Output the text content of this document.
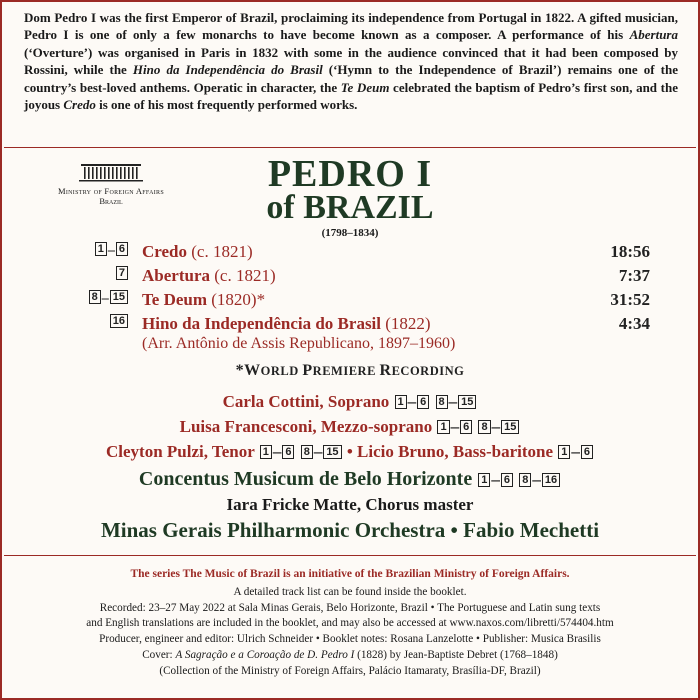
Dom Pedro I was the first Emperor of Brazil, proclaiming its independence from Portugal in 1822. A gifted musician, Pedro I is one of only a few monarchs to have become known as a composer. A performance of his Abertura (‘Overture’) was organised in Paris in 1832 with some in the audience convinced that it had been composed by Rossini, while the Hino da Independência do Brasil (‘Hymn to the Independence of Brazil’) remains one of the country’s best-loved anthems. Operatic in character, the Te Deum celebrated the baptism of Pedro’s first son, and the joyous Credo is one of his most frequently performed works.
Ministry of Foreign Affairs
Brazil
PEDRO I
of BRAZIL
(1798–1834)
1 – 6 Credo (c. 1821)	18:56
7 Abertura (c. 1821)	7:37
8 – 15 Te Deum (1820)*	31:52
16 Hino da Independência do Brasil (1822)	4:34
(Arr. Antônio de Assis Republicano, 1897–1960)
*WORLD PREMIERE RECORDING
Carla Cottini, Soprano 1 – 6 8 – 15
Luisa Francesconi, Mezzo-soprano 1 – 6 8 – 15
Cleyton Pulzi, Tenor 1 – 6 8 – 15 • Licio Bruno, Bass-baritone 1 – 6
Concentus Musicum de Belo Horizonte 1 – 6 8 – 16
Iara Fricke Matte, Chorus master
Minas Gerais Philharmonic Orchestra • Fabio Mechetti
The series The Music of Brazil is an initiative of the Brazilian Ministry of Foreign Affairs.
A detailed track list can be found inside the booklet.
Recorded: 23–27 May 2022 at Sala Minas Gerais, Belo Horizonte, Brazil • The Portuguese and Latin sung texts
and English translations are included in the booklet, and may also be accessed at www.naxos.com/libretti/574404.htm
Producer, engineer and editor: Ulrich Schneider • Booklet notes: Rosana Lanzelotte • Publisher: Musica Brasilis
Cover: A Sagração e a Coroação de D. Pedro I (1828) by Jean-Baptiste Debret (1768–1848)
(Collection of the Ministry of Foreign Affairs, Palácio Itamaraty, Brasília-DF, Brazil)
